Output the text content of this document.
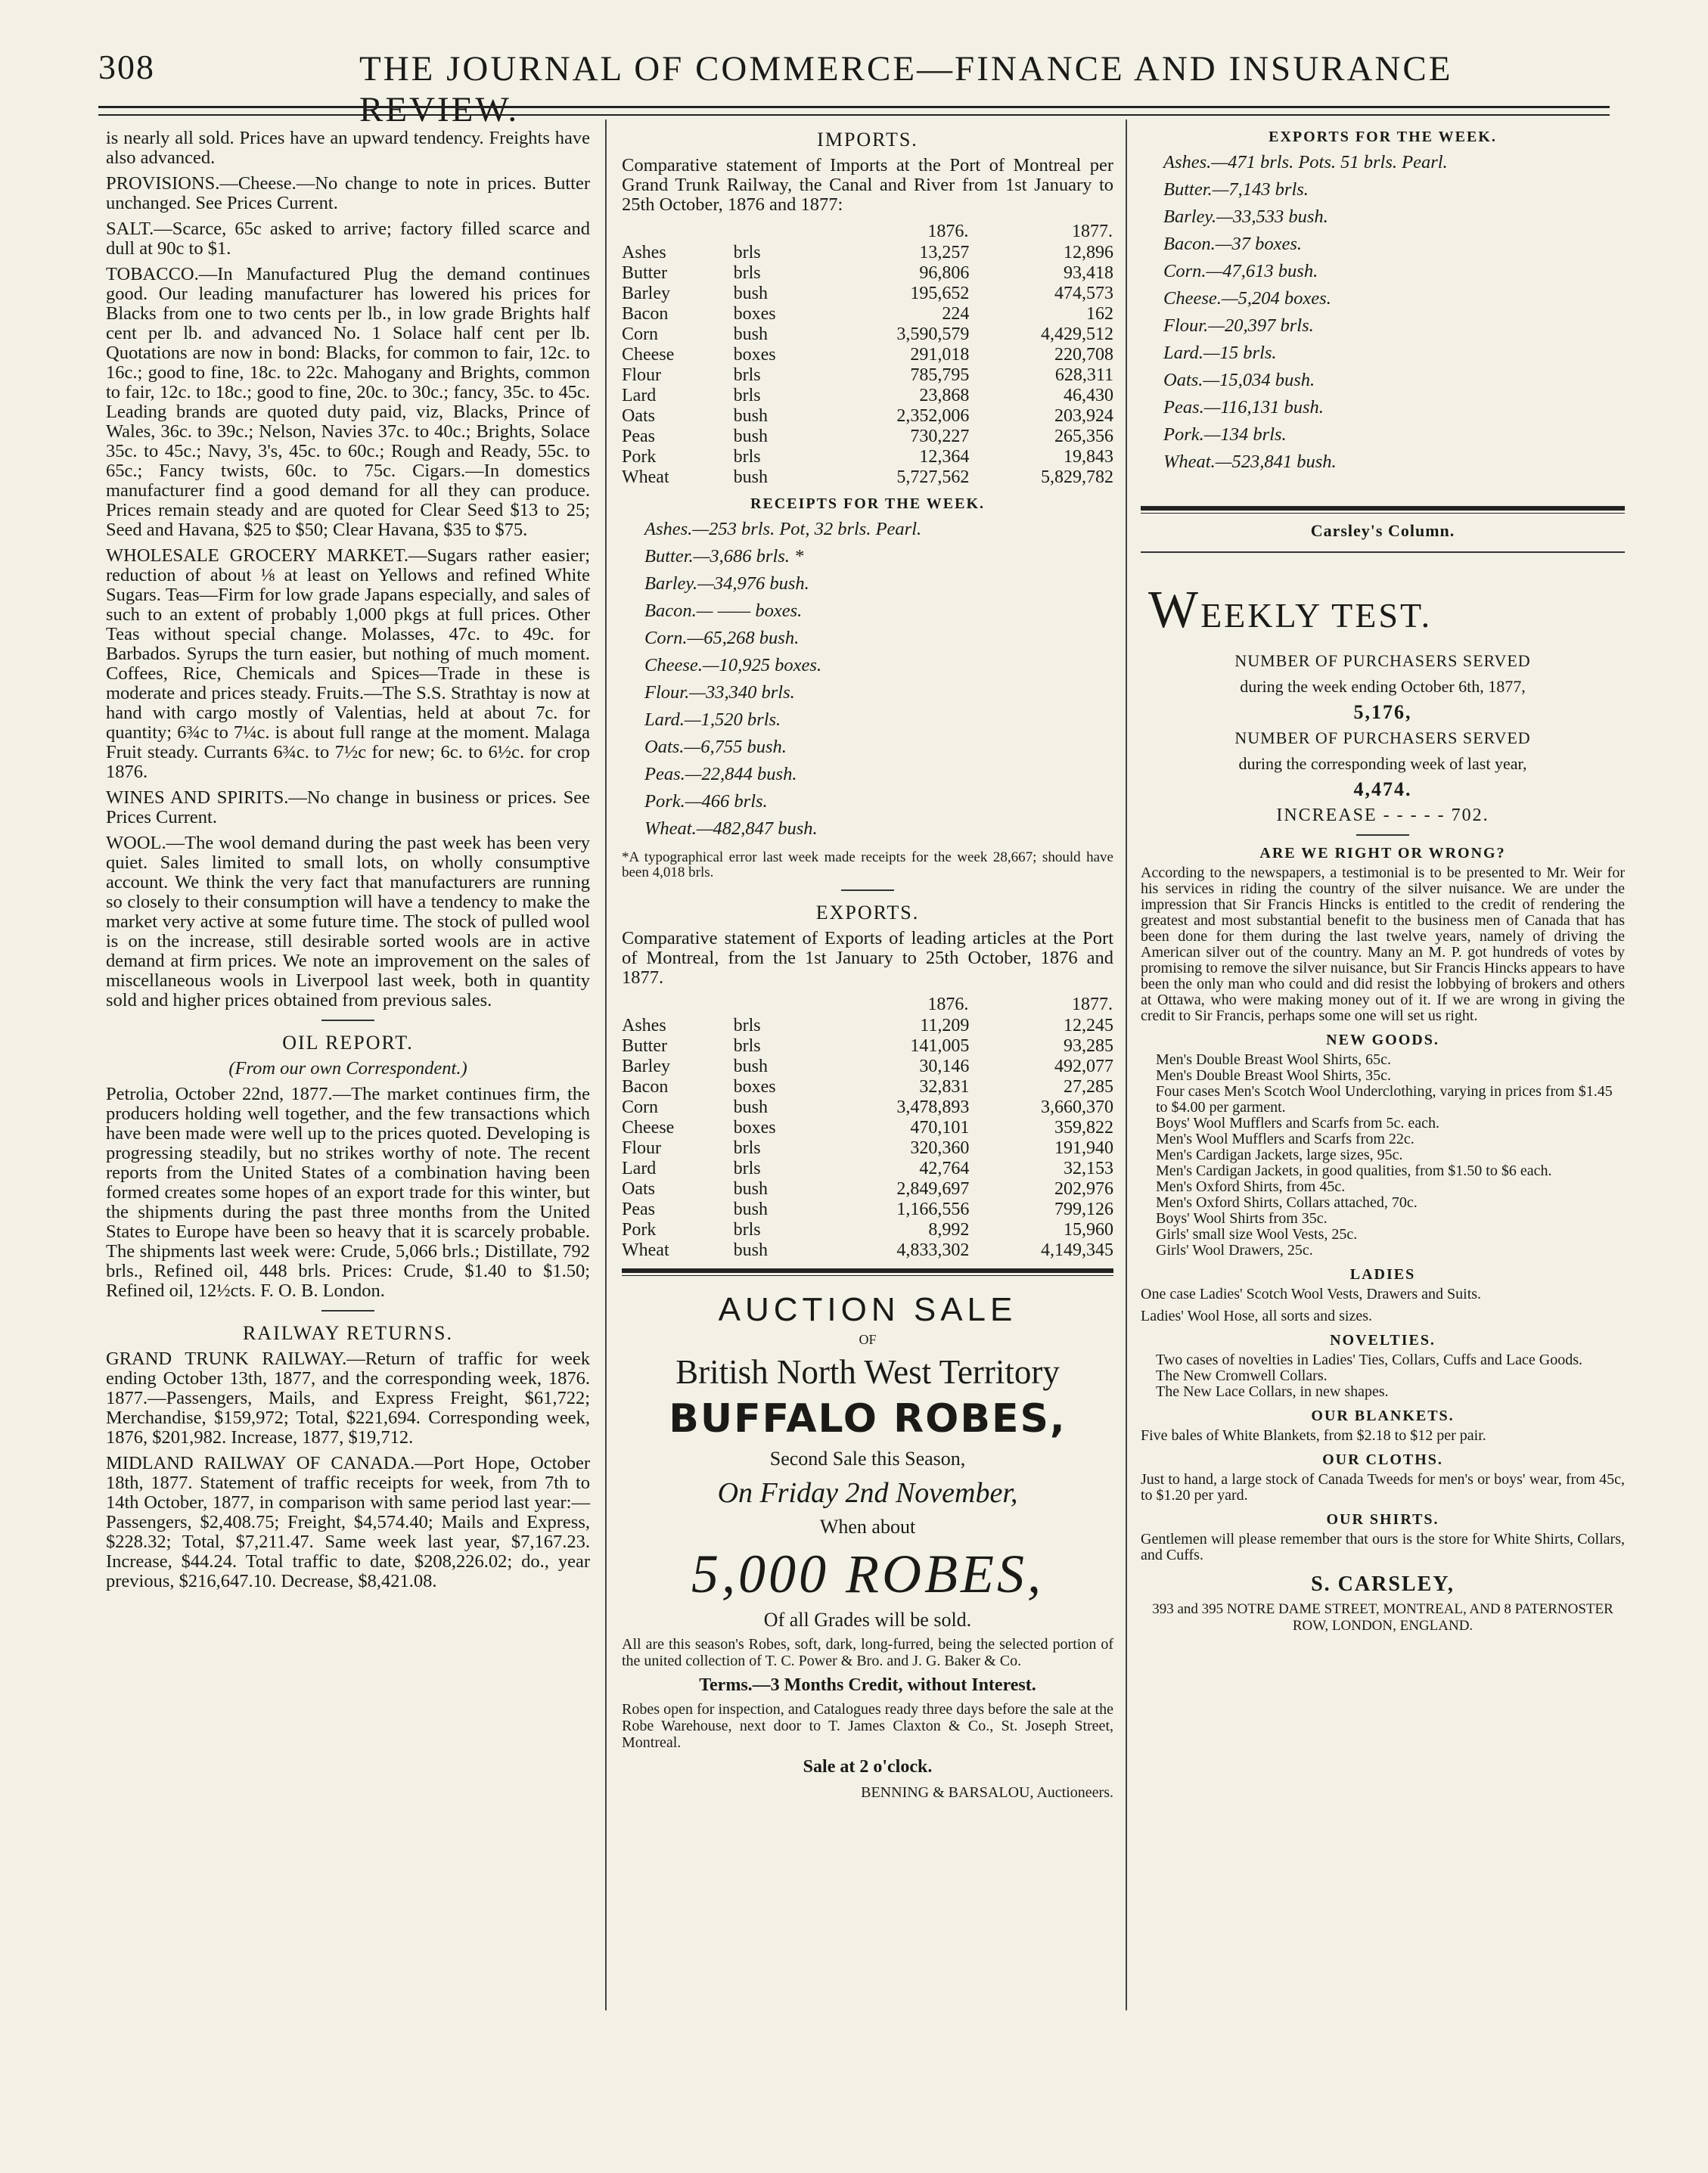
308	THE JOURNAL OF COMMERCE—FINANCE AND INSURANCE REVIEW.

is nearly all sold. Prices have an upward tendency. Freights have also advanced.

PROVISIONS.—Cheese.—No change to note in prices. Butter unchanged. See Prices Current.

SALT.—Scarce, 65c asked to arrive; factory filled scarce and dull at 90c to $1.

TOBACCO.—In Manufactured Plug the demand continues good. Our leading manufacturer has lowered his prices for Blacks from one to two cents per lb., in low grade Brights half cent per lb. and advanced No. 1 Solace half cent per lb. Quotations are now in bond: Blacks, for common to fair, 12c. to 16c.; good to fine, 18c. to 22c. Mahogany and Brights, common to fair, 12c. to 18c.; good to fine, 20c. to 30c.; fancy, 35c. to 45c. Leading brands are quoted duty paid, viz, Blacks, Prince of Wales, 36c. to 39c.; Nelson, Navies 37c. to 40c.; Brights, Solace 35c. to 45c.; Navy, 3's, 45c. to 60c.; Rough and Ready, 55c. to 65c.; Fancy twists, 60c. to 75c. Cigars.—In domestics manufacturer find a good demand for all they can produce. Prices remain steady and are quoted for Clear Seed $13 to 25; Seed and Havana, $25 to $50; Clear Havana, $35 to $75.

WHOLESALE GROCERY MARKET.—Sugars rather easier; reduction of about ⅛ at least on Yellows and refined White Sugars. Teas—Firm for low grade Japans especially, and sales of such to an extent of probably 1,000 pkgs at full prices. Other Teas without special change. Molasses, 47c. to 49c. for Barbados. Syrups the turn easier, but nothing of much moment. Coffees, Rice, Chemicals and Spices—Trade in these is moderate and prices steady. Fruits.—The S.S. Strathtay is now at hand with cargo mostly of Valentias, held at about 7c. for quantity; 6¾c to 7¼c. is about full range at the moment. Malaga Fruit steady. Currants 6¾c. to 7½c for new; 6c. to 6½c. for crop 1876.

WINES AND SPIRITS.—No change in business or prices. See Prices Current.

WOOL.—The wool demand during the past week has been very quiet. Sales limited to small lots, on wholly consumptive account. We think the very fact that manufacturers are running so closely to their consumption will have a tendency to make the market very active at some future time. The stock of pulled wool is on the increase, still desirable sorted wools are in active demand at firm prices. We note an improvement on the sales of miscellaneous wools in Liverpool last week, both in quantity sold and higher prices obtained from previous sales.

OIL REPORT.

(From our own Correspondent.)

Petrolia, October 22nd, 1877.—The market continues firm, the producers holding well together, and the few transactions which have been made were well up to the prices quoted. Developing is progressing steadily, but no strikes worthy of note. The recent reports from the United States of a combination having been formed creates some hopes of an export trade for this winter, but the shipments during the past three months from the United States to Europe have been so heavy that it is scarcely probable. The shipments last week were: Crude, 5,066 brls.; Distillate, 792 brls., Refined oil, 448 brls. Prices: Crude, $1.40 to $1.50; Refined oil, 12½cts. F. O. B. London.

RAILWAY RETURNS.

GRAND TRUNK RAILWAY.—Return of traffic for week ending October 13th, 1877, and the corresponding week, 1876. 1877.—Passengers, Mails, and Express Freight, $61,722; Merchandise, $159,972; Total, $221,694. Corresponding week, 1876, $201,982. Increase, 1877, $19,712.

MIDLAND RAILWAY OF CANADA.—Port Hope, October 18th, 1877. Statement of traffic receipts for week, from 7th to 14th October, 1877, in comparison with same period last year:—Passengers, $2,408.75; Freight, $4,574.40; Mails and Express, $228.32; Total, $7,211.47. Same week last year, $7,167.23. Increase, $44.24. Total traffic to date, $208,226.02; do., year previous, $216,647.10. Decrease, $8,421.08.

IMPORTS.

Comparative statement of Imports at the Port of Montreal per Grand Trunk Railway, the Canal and River from 1st January to 25th October, 1876 and 1877:

		1876.	1877.
Ashes	brls	13,257	12,896
Butter	brls	96,806	93,418
Barley	bush	195,652	474,573
Bacon	boxes	224	162
Corn	bush	3,590,579	4,429,512
Cheese	boxes	291,018	220,708
Flour	brls	785,795	628,311
Lard	brls	23,868	46,430
Oats	bush	2,352,006	203,924
Peas	bush	730,227	265,356
Pork	brls	12,364	19,843
Wheat	bush	5,727,562	5,829,782
RECEIPTS FOR THE WEEK.
Ashes.—253 brls. Pot, 32 brls. Pearl.
Butter.—3,686 brls. *
Barley.—34,976 bush.
Bacon.— —— boxes.
Corn.—65,268 bush.
Cheese.—10,925 boxes.
Flour.—33,340 brls.
Lard.—1,520 brls.
Oats.—6,755 bush.
Peas.—22,844 bush.
Pork.—466 brls.
Wheat.—482,847 bush.

*A typographical error last week made receipts for the week 28,667; should have been 4,018 brls.

EXPORTS.

Comparative statement of Exports of leading articles at the Port of Montreal, from the 1st January to 25th October, 1876 and 1877.

		1876.	1877.
Ashes	brls	11,209	12,245
Butter	brls	141,005	93,285
Barley	bush	30,146	492,077
Bacon	boxes	32,831	27,285
Corn	bush	3,478,893	3,660,370
Cheese	boxes	470,101	359,822
Flour	brls	320,360	191,940
Lard	brls	42,764	32,153
Oats	bush	2,849,697	202,976
Peas	bush	1,166,556	799,126
Pork	brls	8,992	15,960
Wheat	bush	4,833,302	4,149,345
AUCTION SALE
OF
British North West Territory
BUFFALO ROBES,

Second Sale this Season,

On Friday 2nd November,

When about

5,000 ROBES,

Of all Grades will be sold.

All are this season's Robes, soft, dark, long-furred, being the selected portion of the united collection of T. C. Power & Bro. and J. G. Baker & Co.

Terms.—3 Months Credit, without Interest.

Robes open for inspection, and Catalogues ready three days before the sale at the Robe Warehouse, next door to T. James Claxton & Co., St. Joseph Street, Montreal.

Sale at 2 o'clock.

BENNING & BARSALOU, Auctioneers.

EXPORTS FOR THE WEEK.
Ashes.—471 brls. Pots. 51 brls. Pearl.
Butter.—7,143 brls.
Barley.—33,533 bush.
Bacon.—37 boxes.
Corn.—47,613 bush.
Cheese.—5,204 boxes.
Flour.—20,397 brls.
Lard.—15 brls.
Oats.—15,034 bush.
Peas.—116,131 bush.
Pork.—134 brls.
Wheat.—523,841 bush.

Carsley's Column.

WEEKLY TEST.

NUMBER OF PURCHASERS SERVED

during the week ending October 6th, 1877,

5,176,

NUMBER OF PURCHASERS SERVED

during the corresponding week of last year,

4,474.

INCREASE - - - - - 702.

ARE WE RIGHT OR WRONG?

According to the newspapers, a testimonial is to be presented to Mr. Weir for his services in riding the country of the silver nuisance. We are under the impression that Sir Francis Hincks is entitled to the credit of rendering the greatest and most substantial benefit to the business men of Canada that has been done for them during the last twelve years, namely of driving the American silver out of the country. Many an M. P. got hundreds of votes by promising to remove the silver nuisance, but Sir Francis Hincks appears to have been the only man who could and did resist the lobbying of brokers and others at Ottawa, who were making money out of it. If we are wrong in giving the credit to Sir Francis, perhaps some one will set us right.

NEW GOODS.
Men's Double Breast Wool Shirts, 65c.
Men's Double Breast Wool Shirts, 35c.
Four cases Men's Scotch Wool Underclothing, varying in prices from $1.45 to $4.00 per garment.
Boys' Wool Mufflers and Scarfs from 5c. each.
Men's Wool Mufflers and Scarfs from 22c.
Men's Cardigan Jackets, large sizes, 95c.
Men's Cardigan Jackets, in good qualities, from $1.50 to $6 each.
Men's Oxford Shirts, from 45c.
Men's Oxford Shirts, Collars attached, 70c.
Boys' Wool Shirts from 35c.
Girls' small size Wool Vests, 25c.
Girls' Wool Drawers, 25c.
LADIES

One case Ladies' Scotch Wool Vests, Drawers and Suits.

Ladies' Wool Hose, all sorts and sizes.

NOVELTIES.
Two cases of novelties in Ladies' Ties, Collars, Cuffs and Lace Goods.
The New Cromwell Collars.
The New Lace Collars, in new shapes.
OUR BLANKETS.

Five bales of White Blankets, from $2.18 to $12 per pair.

OUR CLOTHS.

Just to hand, a large stock of Canada Tweeds for men's or boys' wear, from 45c, to $1.20 per yard.

OUR SHIRTS.

Gentlemen will please remember that ours is the store for White Shirts, Collars, and Cuffs.

S. CARSLEY,

393 and 395 NOTRE DAME STREET, MONTREAL, AND 8 PATERNOSTER ROW, LONDON, ENGLAND.
